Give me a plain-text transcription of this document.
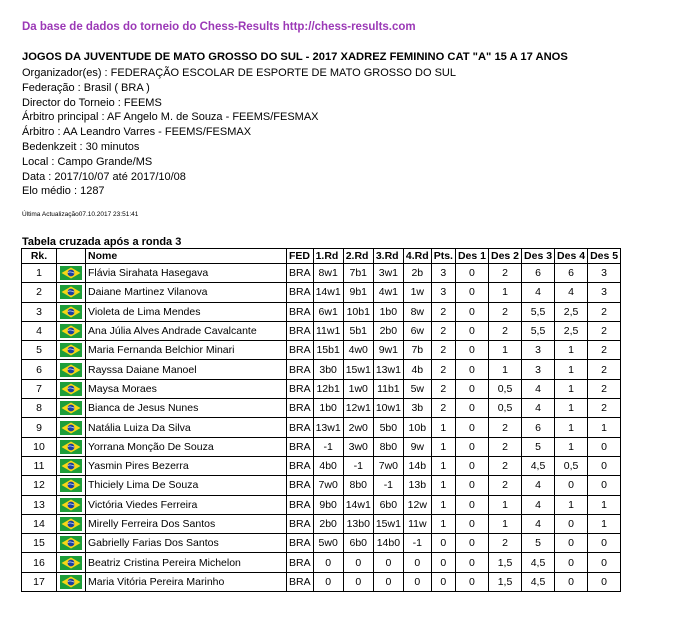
Da base de dados do torneio do Chess-Results http://chess-results.com
JOGOS DA JUVENTUDE DE MATO GROSSO DO SUL - 2017 XADREZ FEMININO CAT "A" 15 A 17 ANOS
Organizador(es) : FEDERAÇÃO ESCOLAR DE ESPORTE DE MATO GROSSO DO SUL
Federação : Brasil ( BRA )
Director do Torneio : FEEMS
Árbitro principal : AF Angelo M. de Souza - FEEMS/FESMAX
Árbitro : AA Leandro Varres - FEEMS/FESMAX
Bedenkzeit : 30 minutos
Local : Campo Grande/MS
Data : 2017/10/07 até 2017/10/08
Elo médio : 1287
Última Actualização07.10.2017 23:51:41
Tabela cruzada após a ronda 3
Rk.		Nome	FED	1.Rd	2.Rd	3.Rd	4.Rd	Pts.	Des 1	Des 2	Des 3	Des 4	Des 5
1		Flávia Sirahata Hasegava	BRA	8w1	7b1	3w1	2b	3	0	2	6	6	3
2		Daiane Martinez Vilanova	BRA	14w1	9b1	4w1	1w	3	0	1	4	4	3
3		Violeta de Lima Mendes	BRA	6w1	10b1	1b0	8w	2	0	2	5,5	2,5	2
4		Ana Júlia Alves Andrade Cavalcante	BRA	11w1	5b1	2b0	6w	2	0	2	5,5	2,5	2
5		Maria Fernanda Belchior Minari	BRA	15b1	4w0	9w1	7b	2	0	1	3	1	2
6		Rayssa Daiane Manoel	BRA	3b0	15w1	13w1	4b	2	0	1	3	1	2
7		Maysa Moraes	BRA	12b1	1w0	11b1	5w	2	0	0,5	4	1	2
8		Bianca de Jesus Nunes	BRA	1b0	12w1	10w1	3b	2	0	0,5	4	1	2
9		Natália Luiza Da Silva	BRA	13w1	2w0	5b0	10b	1	0	2	6	1	1
10		Yorrana Monção De Souza	BRA	-1	3w0	8b0	9w	1	0	2	5	1	0
11		Yasmin Pires Bezerra	BRA	4b0	-1	7w0	14b	1	0	2	4,5	0,5	0
12		Thiciely Lima De Souza	BRA	7w0	8b0	-1	13b	1	0	2	4	0	0
13		Victória Viedes Ferreira	BRA	9b0	14w1	6b0	12w	1	0	1	4	1	1
14		Mirelly Ferreira Dos Santos	BRA	2b0	13b0	15w1	11w	1	0	1	4	0	1
15		Gabrielly Farias Dos Santos	BRA	5w0	6b0	14b0	-1	0	0	2	5	0	0
16		Beatriz Cristina Pereira Michelon	BRA	0	0	0	0	0	0	1,5	4,5	0	0
17		Maria Vitória Pereira Marinho	BRA	0	0	0	0	0	0	1,5	4,5	0	0
